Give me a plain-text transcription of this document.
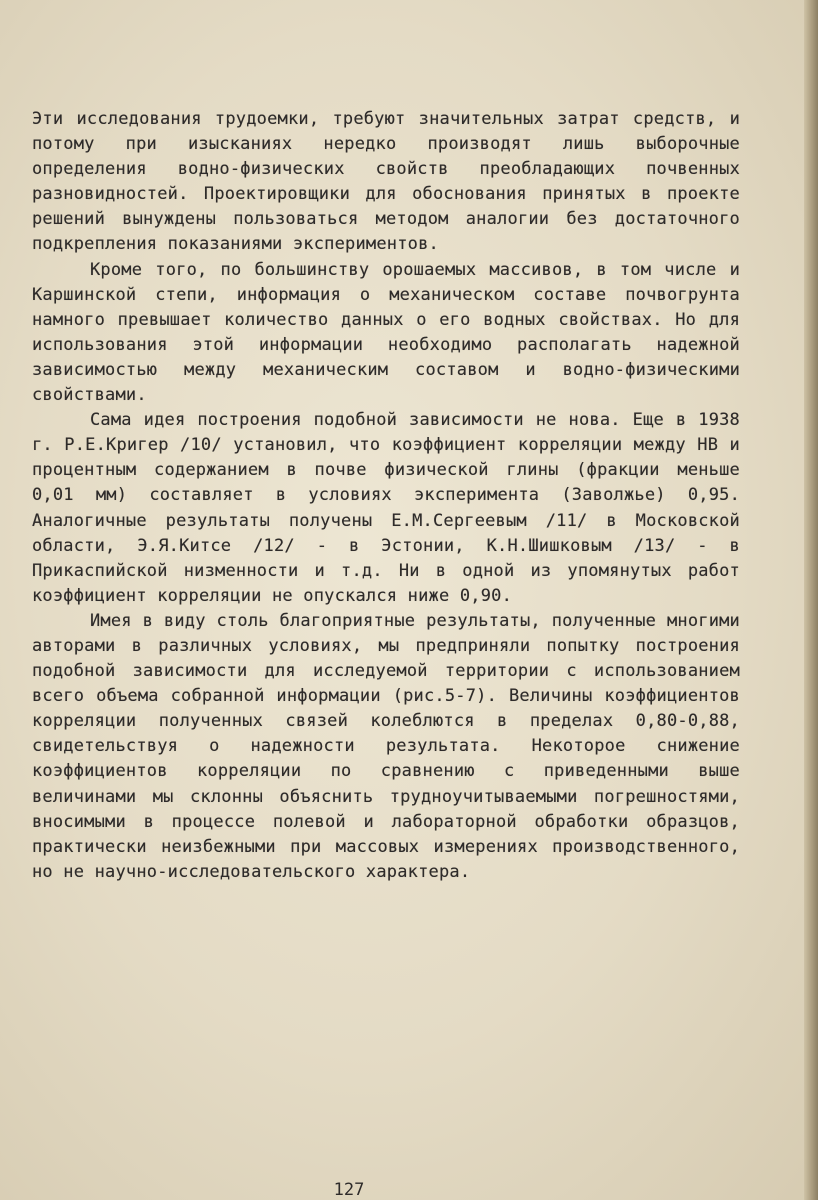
Эти исследования трудоемки, требуют значительных затрат средств, и потому при изысканиях нередко производят лишь выборочные определения водно-физических свойств преобладающих почвенных разновидностей. Проектировщики для обоснования принятых в проекте решений вынуждены пользоваться методом аналогии без достаточного подкрепления показаниями экспериментов.

Кроме того, по большинству орошаемых массивов, в том числе и Каршинской степи, информация о механическом составе почвогрунта намного превышает количество данных о его водных свойствах. Но для использования этой информации необходимо располагать надежной зависимостью между механическим составом и водно-физическими свойствами.

Сама идея построения подобной зависимости не нова. Еще в 1938 г. Р.Е.Кригер /10/ установил, что коэффициент корреляции между НВ и процентным содержанием в почве физической глины (фракции меньше 0,01 мм) составляет в условиях эксперимента (Заволжье) 0,95. Аналогичные результаты получены Е.М.Сергеевым /11/ в Московской области, Э.Я.Китсе /12/ - в Эстонии, К.Н.Шишковым /13/ - в Прикаспийской низменности и т.д. Ни в одной из упомянутых работ коэффициент корреляции не опускался ниже 0,90.

Имея в виду столь благоприятные результаты, полученные многими авторами в различных условиях, мы предприняли попытку построения подобной зависимости для исследуемой территории с использованием всего объема собранной информации (рис.5-7). Величины коэффициентов корреляции полученных связей колеблются в пределах 0,80-0,88, свидетельствуя о надежности результата. Некоторое снижение коэффициентов корреляции по сравнению с приведенными выше величинами мы склонны объяснить трудноучитываемыми погрешностями, вносимыми в процессе полевой и лабораторной обработки образцов, практически неизбежными при массовых измерениях производственного, но не научно-исследовательского характера.

127
